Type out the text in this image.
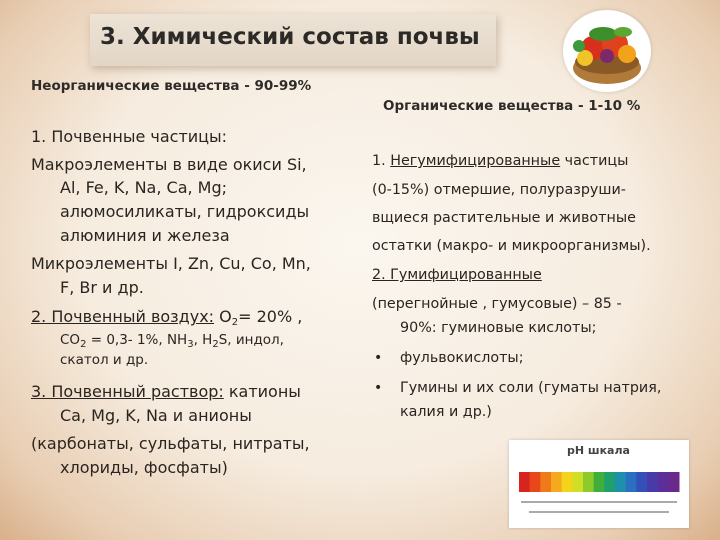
3. Химический состав почвы
Неорганические вещества - 90-99%
1. Почвенные частицы:
Макроэлементы в виде окиси Si,
Al, Fe, K, Na, Ca, Mg;
алюмосиликаты, гидроксиды
алюминия и железа
Микроэлементы I, Zn, Cu, Co, Mn,
F, Br и др.
2. Почвенный воздух: $O_2= 20\%$ ,
$CO_2 = 0,3-$ 1%, $NH_3$, $H_2S$, индол,
скатол и др.
3. Почвенный раствор: катионы
Ca, Mg, K, Na и анионы
(карбонаты, сульфаты, нитраты,
хлориды, фосфаты)
Органические вещества - 1-10 %
1. Негумифицированные частицы
(0-15%) отмершие, полуразруши-
вщиеся растительные и животные
остатки (макро- и микроорганизмы).
2. Гумифицированные
(перегнойные , гумусовые) – 85 -
90%: гуминовые кислоты;
• фульвокислоты;
• Гумины и их соли (гуматы натрия,
калия и др.)
pH шкала
